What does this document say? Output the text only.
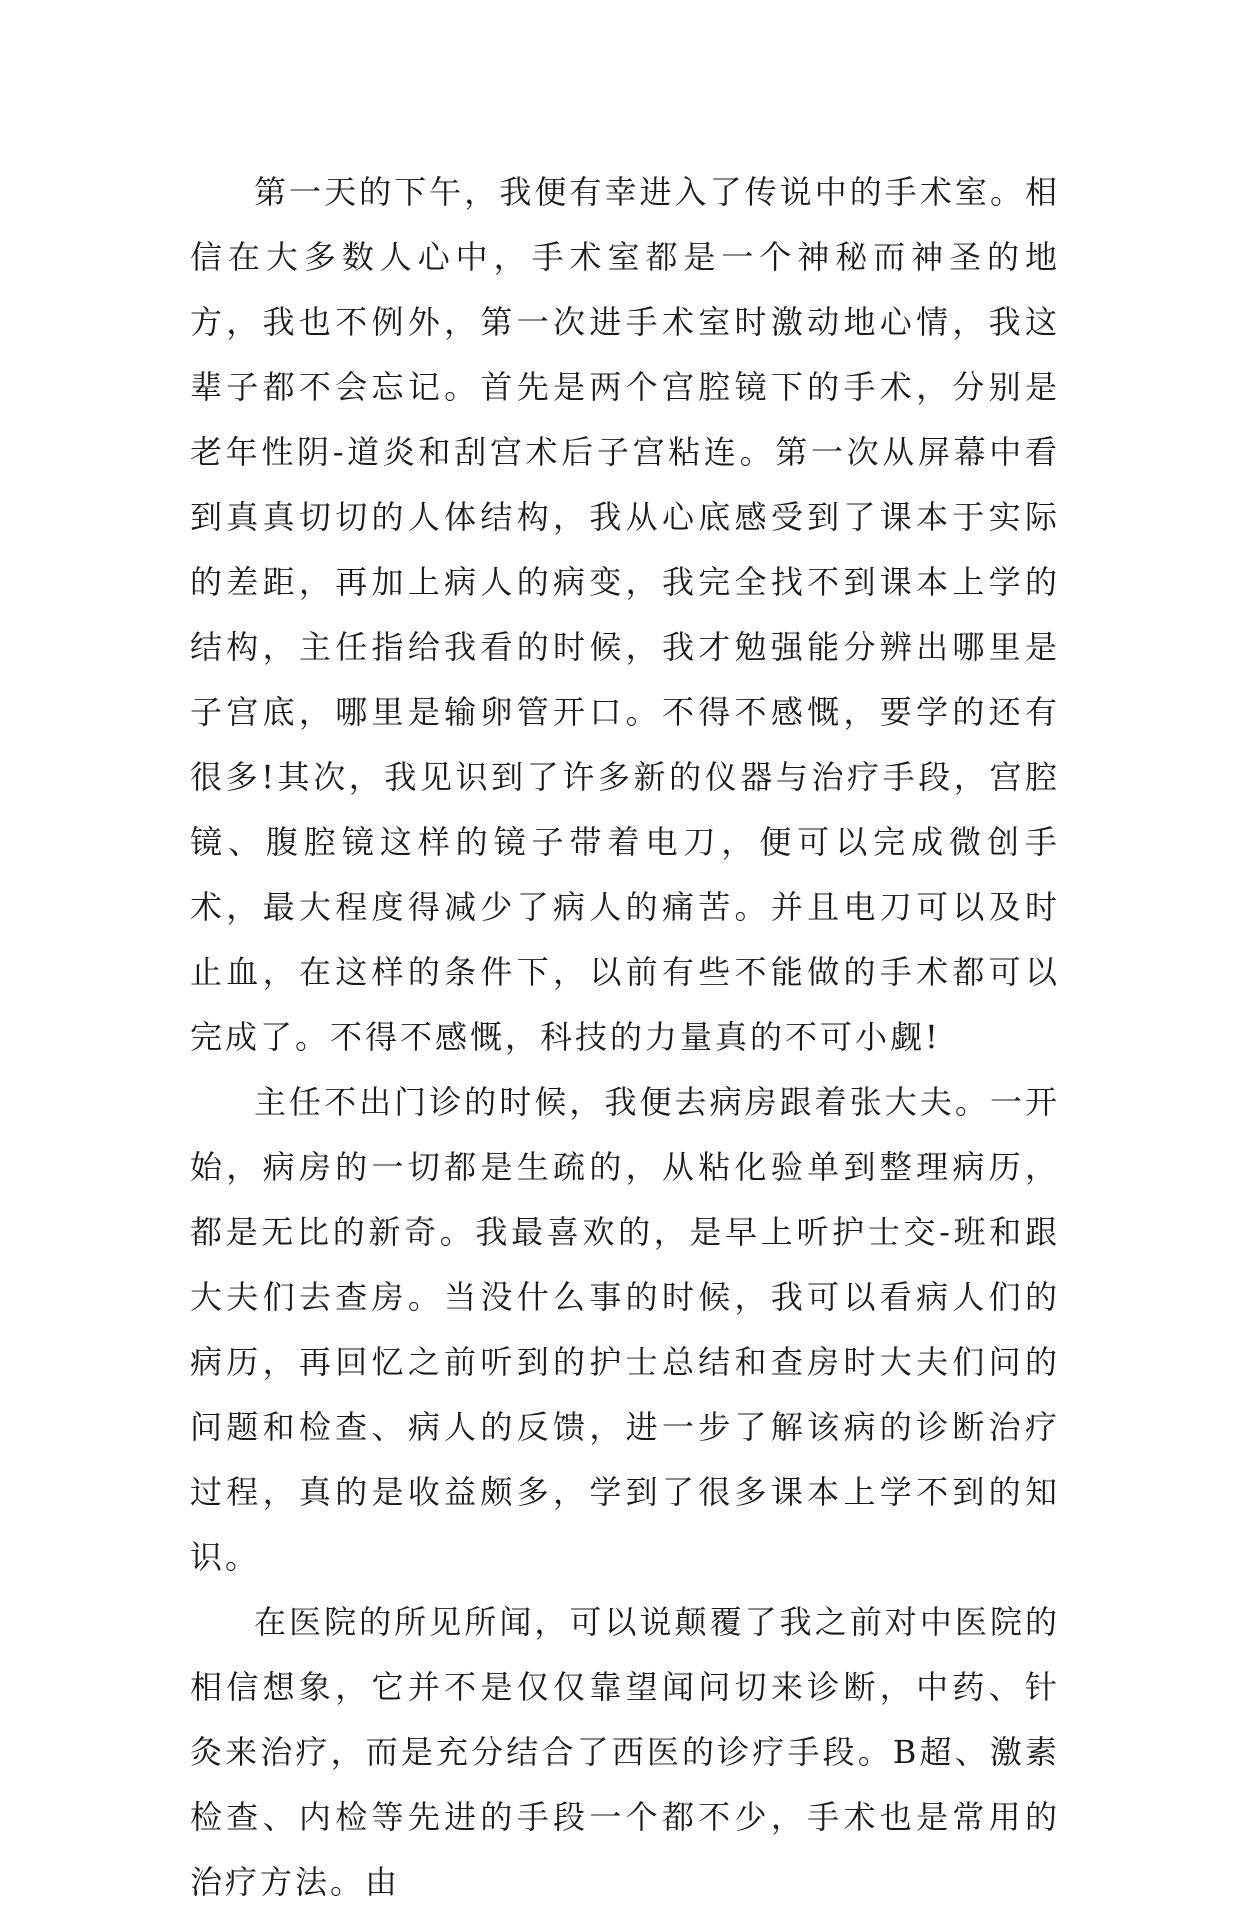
第一天的下午，我便有幸进入了传说中的手术室。相信在大多数人心中，手术室都是一个神秘而神圣的地方，我也不例外，第一次进手术室时激动地心情，我这辈子都不会忘记。首先是两个宫腔镜下的手术，分别是老年性阴-道炎和刮宫术后子宫粘连。第一次从屏幕中看到真真切切的人体结构，我从心底感受到了课本于实际的差距，再加上病人的病变，我完全找不到课本上学的结构，主任指给我看的时候，我才勉强能分辨出哪里是子宫底，哪里是输卵管开口。不得不感慨，要学的还有很多!其次，我见识到了许多新的仪器与治疗手段，宫腔镜、腹腔镜这样的镜子带着电刀，便可以完成微创手术，最大程度得减少了病人的痛苦。并且电刀可以及时止血，在这样的条件下，以前有些不能做的手术都可以完成了。不得不感慨，科技的力量真的不可小觑!

主任不出门诊的时候，我便去病房跟着张大夫。一开始，病房的一切都是生疏的，从粘化验单到整理病历，都是无比的新奇。我最喜欢的，是早上听护士交-班和跟大夫们去查房。当没什么事的时候，我可以看病人们的病历，再回忆之前听到的护士总结和查房时大夫们问的问题和检查、病人的反馈，进一步了解该病的诊断治疗过程，真的是收益颇多，学到了很多课本上学不到的知识。

在医院的所见所闻，可以说颠覆了我之前对中医院的相信想象，它并不是仅仅靠望闻问切来诊断，中药、针灸来治疗，而是充分结合了西医的诊疗手段。B超、激素检查、内检等先进的手段一个都不少，手术也是常用的治疗方法。由
